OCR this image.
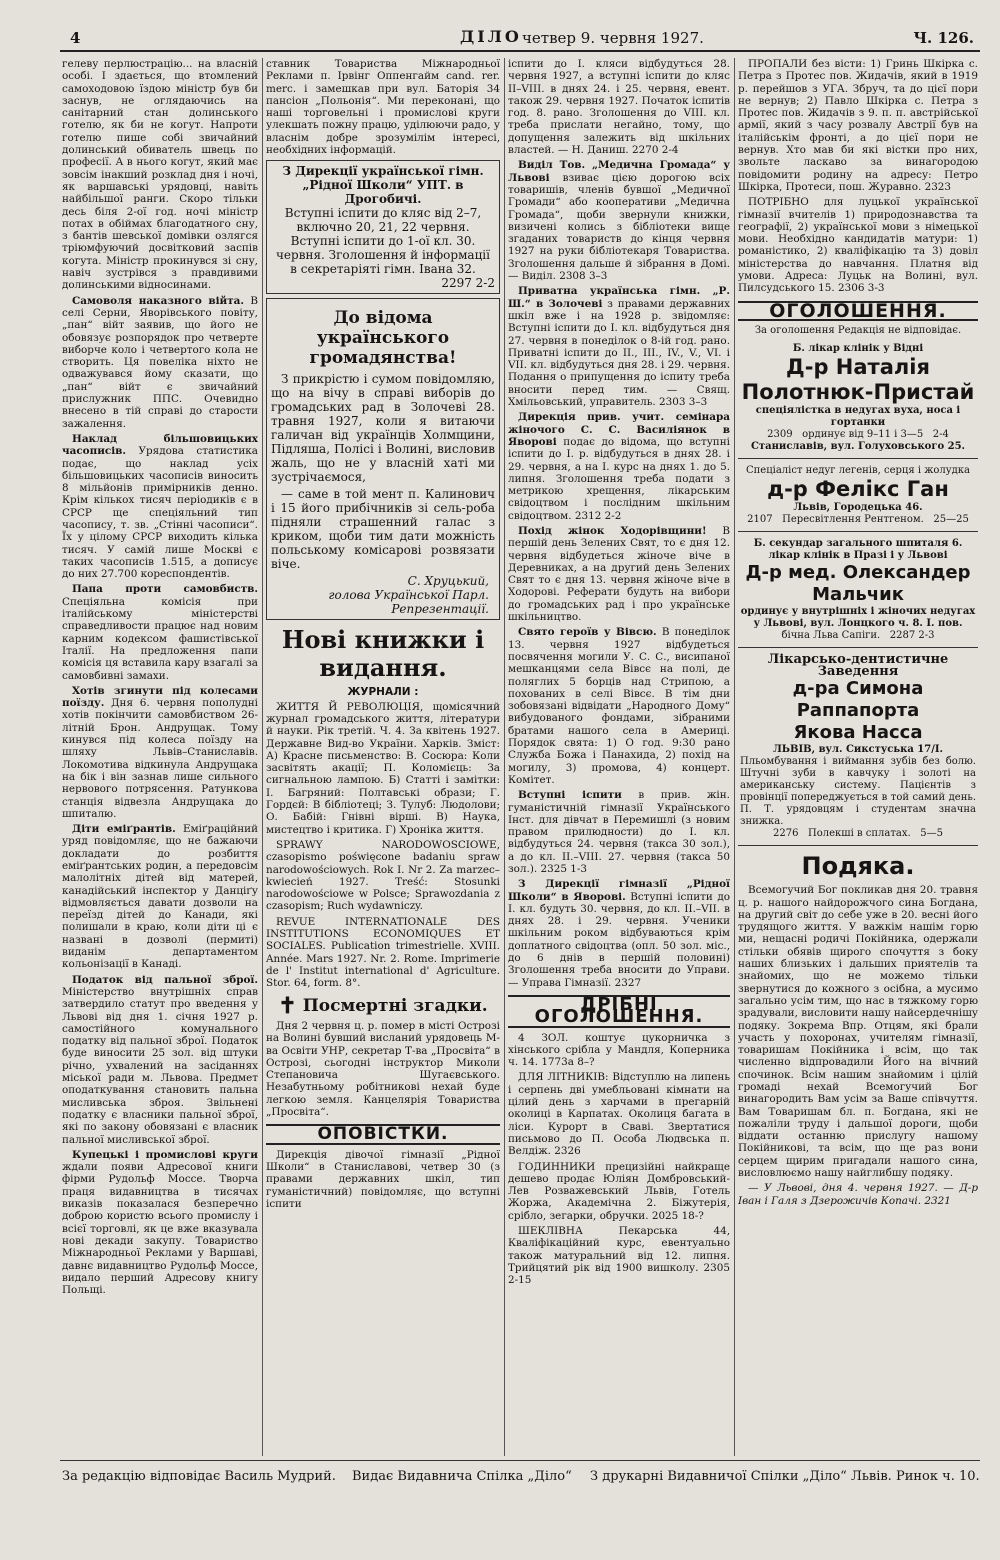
4	ДІЛО четвер 9. червня 1927.	Ч. 126.

гелеву перлюстрацію... на власній особі. І здається, що втомлений самоходовою їздою міністр був би заснув, не оглядаючись на санітарний стан долинського готелю, як би не когут. Напроти готелю пише собі звичайний долинський обиватель швець по професії. А в нього когут, який має зовсім інакший розклад дня і ночі, як варшавські урядовці, навіть найбільшої ранги. Скоро тільки десь бiля 2-ої год. ночі міністр потах в обіймах благодатного сну, з бантів шевської домівки озлягся тріюмфуючий досвітковий заспів когута. Міністр прокинувся зі сну, навіч зустрівся з правдивими долинськими відносинами.

Самоволя наказного війта. В селі Серни, Яворівського повіту, „пан“ війт заявив, що його не обовязує розпорядок про четверте виборче коло і четвертого кола не створить. Ця повеліка ніхто не одважувався йому сказати, що „пан“ війт є звичайний прислужник ППС. Очевидно внесено в тій справі до старости зажалення.

Наклад більшовицьких часописів. Урядова статистика подає, що наклад усіх більшовицьких часописів виносить 8 мільйонів примірників денно. Крім кількох тисяч періодиків є в СРСР ще спеціяльний тип часопису, т. зв. „Стінні часописи“. Їх у цілому СРСР виходить кілька тисяч. У самій лише Москві є таких часописів 1.515, а дописує до них 27.700 кореспондентів.

Папа проти самовбиств. Спеціяльна комісія при італійському міністерстві справедливости працює над новим карним кодексом фашистівської Італії. На предложення папи комісія ця вставила кару взагалі за самовбивні замахи.

Хотів згинути під колесами поїзду. Дня 6. червня пополудні хотів покінчити самовбиством 26-літній Брон. Андрущак. Тому кинувся під колеса поїзду на шляху Львів–Станиславів. Локомотива відкинула Андрущака на бік і він зазнав лише сильного нервового потрясення. Ратункова станція відвезла Андрущака до шпиталю.

Діти еміґрантів. Еміґраційний уряд повідомляє, що не бажаючи докладати до розбиття еміґрантських родин, а передовсім малолітніх дітей від матерей, канадійський інспектор у Данціґу відмовляється давати дозволи на переїзд дітей до Канади, які полишали в краю, коли діти ці є названі в дозволі (пермиті) виданім департаментом кольонізації в Канаді.

Податок від пальної зброї. Міністерство внутрішніх справ затвердило статут про введення у Львові від дня 1. січня 1927 р. самостійного комунального податку від пальної зброї. Податок буде виносити 25 зол. від штуки річно, ухвалений на засіданнях міської ради м. Львова. Предмет оподаткування становить пальна мисливська зброя. Звільнені податку є власники пальної зброї, які по закону обовязані є власник пальної мисливської зброї.

Купецькі і промислові круги ждали появи Адресової книги фірми Рудольф Моссе. Творча праця видавництва в тисячах виказів показалася безперечно доброю користю всього промислу і всієї торговлі, як це вже вказувала нові декади закупу. Товариство Міжнародньої Реклами у Варшаві, давнє видавництво Рудольф Моссе, видало перший Адресову книгу Польщі.

ставник Товариства Міжнародньої Реклами п. Ірвінг Оппенгайм cand. rer. merc. і замешкав при вул. Баторія 34 пансіон „Польонія“. Ми переконані, що наші торговельні і промислові круги улекшать пожну працю, уділюючи радо, у власнім добре зрозумілім інтересі, необхідних інформацій.

З Дирекції української гімн. „Рідної Школи“ УПТ. в Дрогобичі.
Вступні іспити до кляс від 2–7, включно 20, 21, 22 червня. Вступні іспити до 1-ої кл. 30. червня. Зголошення й інформації в секретаріяті гімн. Івана 32.
2297 2-2
До відома українського громадянства!

З прикрістю і сумом повідомляю, що на вічу в справі виборів до громадських рад в Золочеві 28. травня 1927, коли я витаючи галичан від українців Холмщини, Підляша, Полісі і Волині, висловив жаль, що не у власній хаті ми зустрічаємося,

— саме в той мент п. Калинович і 15 його прибічників зі сель-роба підняли страшенний галас з криком, щоби тим дати можність польському комісарові розвязати віче.

С. Хруцький,
голова Української Парл. Репрезентації.
Нові книжки і видання.
ЖУРНАЛИ :

ЖИТТЯ Й РЕВОЛЮЦІЯ, щомісячний журнал громадського життя, літератури й науки. Рік третій. Ч. 4. За квітень 1927. Державне Вид-во України. Харків. Зміст: А) Красне письменство: В. Сосюра: Коли засвітять акації; П. Коломієць: За сигнальною лампою. Б) Статті і замітки: І. Багряний: Полтавські образи; Г. Гордєй: В бібліотеці; З. Тулуб: Людолови; О. Бабій: Гнівні вірші. В) Наука, мистецтво і критика. Г) Хроніка життя.

SPRAWY NARODOWOSCIOWE, czasopismo poświęcone badaniu spraw narodowościowych. Rok I. Nr 2. Za marzec–kwiecień 1927. Treść: Stosunki narodowościowe w Polsce; Sprawozdania z czasopism; Ruch wydawniczy.

REVUE INTERNATIONALE DES INSTITUTIONS ECONOMIQUES ET SOCIALES. Publication trimestrielle. XVIII. Année. Mars 1927. Nr. 2. Rome. Imprimerie de l' Institut international d' Agriculture. Stor. 64, form. 8°.

✝ Посмертні згадки.

Дня 2 червня ц. р. помер в місті Острозі на Волині бувший висланий урядовець М-ва Освіти УНР, секретар Т-ва „Просвіта“ в Острозі, сьогодні інструктор Миколи Степановича Шугаєвського. Незабутньому робітникові нехай буде легкою земля. Канцелярія Товариства „Просвіта“.

ОПОВІСТКИ.

Дирекція дівочої гімназії „Рідної Школи“ в Станиславові, четвер 30 (з правами державних шкіл, тип гуманістичний) повідомляє, що вступні іспити

іспити до I. кляси відбудуться 28. червня 1927, а вступні іспити до кляс II–VIII. в днях 24. і 25. червня, евент. також 29. червня 1927. Початок іспитів год. 8. рано. Зголошення до VIII. кл. треба прислати негайно, тому, що допущення залежить від шкільних властей. — Н. Даниш. 2270 2-4

Виділ Тов. „Медична Громада“ у Львові взиває цією дорогою всіх товаришів, членів бувшої „Медичної Громади“ або кооперативи „Медична Громада“, щоби звернули книжки, визичені колись з бібліотеки вище згаданих товариств до кінця червня 1927 на руки бібліотекаря Товариства. Зголошення дальше й зібрання в Домі. — Виділ. 2308 3–3

Приватна українська гімн. „Р. Ш.“ в Золочеві з правами державних шкіл вже і на 1928 р. звідомляє: Вступні іспити до I. кл. відбудуться дня 27. червня в понеділок о 8-ій год. рано. Приватні іспити до II., III., IV., V., VI. і VII. кл. відбудуться дня 28. і 29. червня. Подання о припущення до іспиту треба вносити перед тим. — Свящ. Хмільовський, управитель. 2303 3–3

Дирекція прив. учит. семінара жіночого С. С. Василіянок в Яворові подає до відома, що вступні іспити до I. р. відбудуться в днях 28. і 29. червня, а на I. курс на днях 1. до 5. липня. Зголошення треба подати з метрикою хрещення, лікарським свідоцтвом і послідним шкільним свідоцтвом. 2312 2-2

Похід жінок Ходорівщини! В першій день Зелених Свят, то є дня 12. червня відбудеться жіноче віче в Деревниках, а на другий день Зелених Свят то є дня 13. червня жіноче віче в Ходорові. Реферати будуть на вибори до громадських рад і про українське шкільництво.

Свято героїв у Вівсю. В понеділок 13. червня 1927 відбудеться посвячення могили У. С. С., висипаної мешканцями села Вівсє на полі, де поляглих 5 борців над Стрипою, а похованих в селі Вівсє. В тім дни зобовязані відвідати „Народного Дому“ вибудованого фондами, зібраними братами нашого села в Америці. Порядок свята: 1) О год. 9:30 рано Служба Божа і Панахида, 2) похід на могилу, 3) промова, 4) концерт. Комітет.

Вступні іспити в прив. жін. гуманістичній гімназії Українського Інст. для дівчат в Перемишлі (з новим правом прилюдности) до I. кл. відбудуться 24. червня (такса 30 зол.), а до кл. II.–VIII. 27. червня (такса 50 зол.). 2325 1-3

З Дирекції гімназії „Рідної Школи“ в Яворові. Вступні іспити до I. кл. будуть 30. червня, до кл. II.–VII. в днях 28. і 29. червня. Ученики шкільним роком відбуваються крім доплатного свідоцтва (опл. 50 зол. міс., до 6 днів в першій половині) Зголошення треба вносити до Управи. — Управа Гімназії. 2327

ДРІБНІ ОГОЛОШЕННЯ.

4 ЗОЛ. коштує цукорничка з хінського срібла у Мандля, Коперника ч. 14. 1773а 8–?

ДЛЯ ЛІТНИКІВ: Відступлю на липень і серпень дві умебльовані кімнати на цілий день з харчами в прегарній околиці в Карпатах. Околиця багата в ліси. Курорт в Сваві. Звертатися письмово до П. Особа Людвська п. Велдіж. 2326

ГОДИННИКИ прецизійні найкраще дешево продає Юліян Домбровський-Лев Розважевський Львів, Готель Жоржа, Академічна 2. Біжутерія, срібло, зегарки, обручки. 2025 18-?

ШЕКЛІВНА Пекарська 44, Кваліфікаційний курс, евентуально також матуральний від 12. липня. Трийцятий рік від 1900 вишколу. 2305 2-15

ПРОПАЛИ без вісти: 1) Гринь Шкірка с. Петра з Протес пов. Жидачів, який в 1919 р. перейшов з УГА. Збруч, та до цієї пори не вернув; 2) Павло Шкірка с. Петра з Протес пов. Жидачів з 9. п. п. австрійської армії, який з часу розвалу Австрії був на італійськім фронті, а до цієї пори не вернув. Хто мав би які вістки про них, звольте ласкаво за винагородою повідомити родину на адресу: Петро Шкірка, Протеси, пош. Журавно. 2323

ПОТРІБНО для луцької української гімназії вчителів 1) природознавства та географії, 2) української мови з німецької мови. Необхідно кандидатів матури: 1) романістико, 2) кваліфікацію та 3) довіл міністерства до навчання. Платня від умови. Адреса: Луцьк на Волині, вул. Пилсудського 15. 2306 3-3

ОГОЛОШЕННЯ.
За оголошення Редакція не відповідає.
Б. лікар клінік у Відні
Д-р Наталія Полотнюк-Пристай
спеціялістка в недугах вуха, носа і гортанки
2309 ординує від 9–11 і 3—5 2-4
Станиславів, вул. Голуховського 25.
Спеціаліст недуг легенів, серця і жолудка
д-р Фелікс Ган
Львів, Городецька 46.
2107 Пересвітлення Рентгеном. 25—25
Б. секундар загального шпиталя 6. лікар клінік в Празі і у Львові
Д-р мед. Олександер Мальчик
ординує у внутрішніх і жіночих недугах
у Львові, вул. Лонцкого ч. 8. I. пов.
бічна Льва Сапіги. 2287 2-3
Лікарсько-дентистичне Заведення
д-ра Симона Раппапорта
Якова Насса
ЛЬВІВ, вул. Сикстуська 17/I.
Пльомбування і виймання зубів без болю. Штучні зуби в кавчуку і золоті на американську систему. Пацієнтів з провінції попереджується в той самий день. П. Т. урядовцям і студентам значна знижка.
2276 Полекші в сплатах. 5—5
Подяка.

Всемогучий Бог покликав дня 20. травня ц. р. нашого найдорожчого сина Богдана, на другий світ до себе уже в 20. весні його трудящого життя. У важкім нашім горю ми, нещасні родичі Покійника, одержали стільки обявів щирого спочуття з боку наших близьких і дальших приятелів та знайомих, що не можемо тільки звернутися до кожного з осібна, а мусимо загально усім тим, що нас в тяжкому горю зрадували, висловити нашу найсердечнішу подяку. Зокрема Впр. Отцям, які брали участь у похоронах, учителям гімназії, товаришам Покійника і всім, що так численно відпровадили Його на вічний спочинок. Всім нашим знайомим і цілій громаді нехай Всемогучий Бог винагородить Вам усім за Ваше співчуття. Вам Товаришам бл. п. Богдана, які не пожаліли труду і дальшої дороги, щоби віддати останню прислугу нашому Покійникові, та всім, що ще раз вони серцем щирим пригадали нашого сина, висловлюємо нашу найглибшу подяку.

— У Львові, дня 4. червня 1927. — Д-р Іван і Галя з Дзерожичів Копачі. 2321

За редакцію відповідає Василь Мудрий. Видає Видавнича Спілка „Діло“ З друкарні Видавничої Спілки „Діло“ Львів. Ринок ч. 10.
